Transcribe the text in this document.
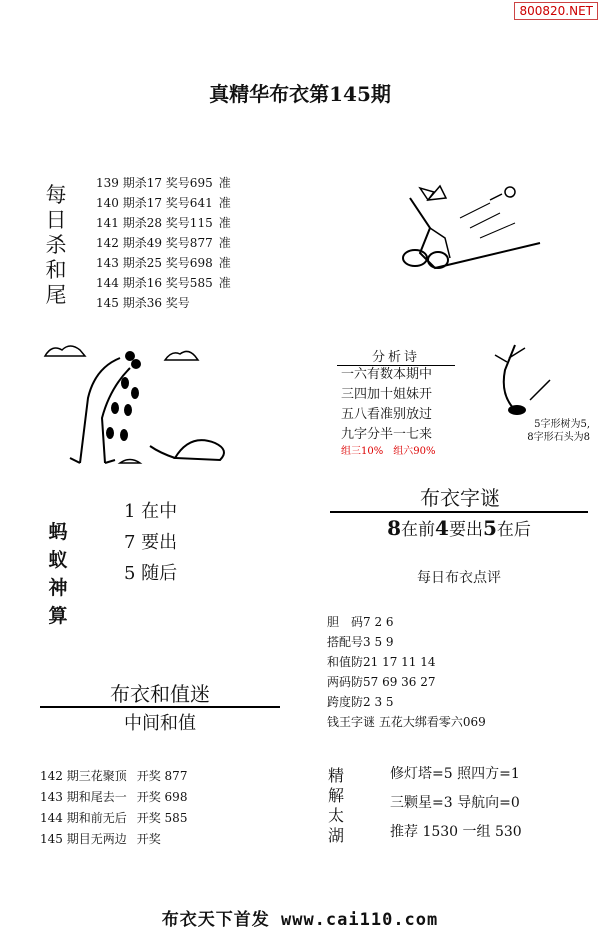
800820.NET
真精华布衣第145期
每
日
杀
和
尾
139 期杀17 奖号695 准
140 期杀17 奖号641 准
141 期杀28 奖号115 准
142 期杀49 奖号877 准
143 期杀25 奖号698 准
144 期杀16 奖号585 准
145 期杀36 奖号
分析诗
一六有数本期中
三四加十姐妹开
五八看准别放过
九字分半一七来
组三10% 组六90%
5字形树为5,
8字形石头为8
蚂
蚁
神
算
1 在中
7 要出
5 随后
布衣字谜
8在前4要出5在后
每日布衣点评
胆　码7 2 6
搭配号3 5 9
和值防21 17 11 14
两码防57 69 36 27
跨度防2 3 5
钱王字谜 五花大绑看零六069
布衣和值迷
中间和值
142 期三花聚顶 开奖 877
143 期和尾去一 开奖 698
144 期和前无后 开奖 585
145 期目无两边 开奖
精
解
太
湖
修灯塔=5 照四方=1
三颗星=3 导航向=0
推荐 1530 一组 530
布衣天下首发 www.cai110.com
